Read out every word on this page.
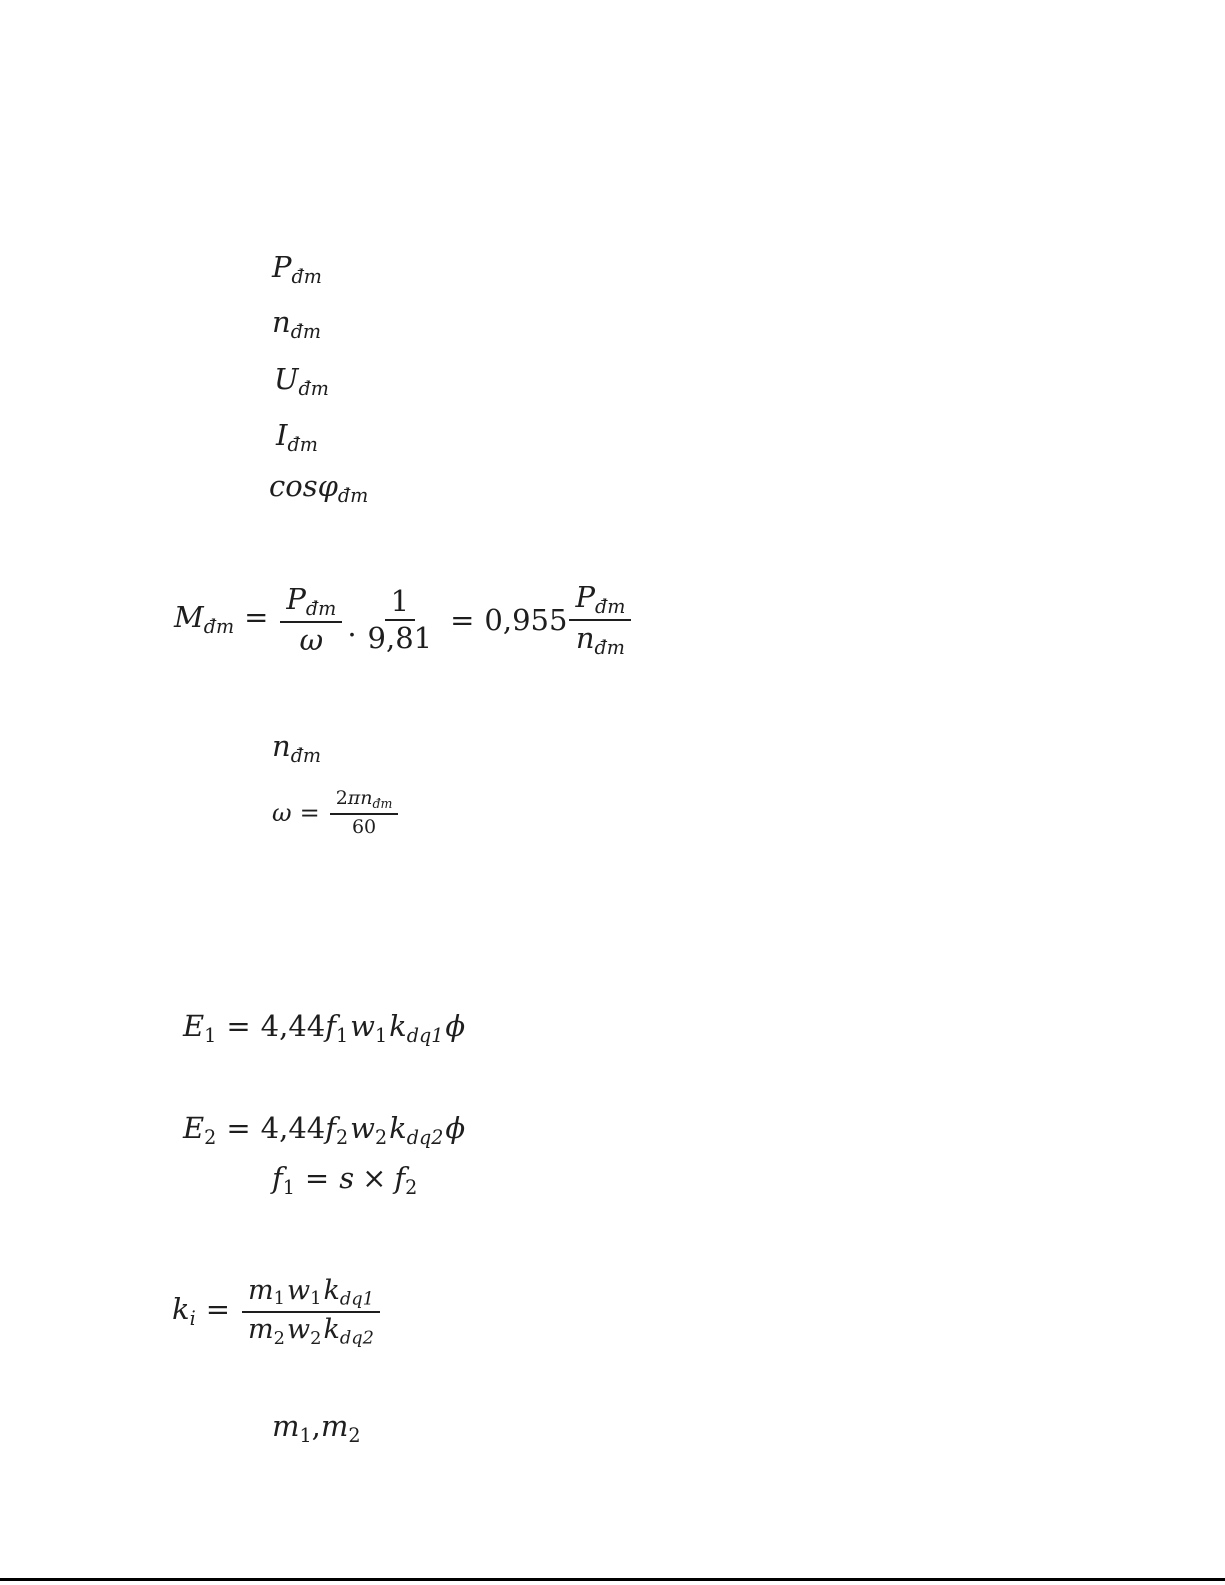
$P_{đm}$
$n_{đm}$
$U_{đm}$
$I_{đm}$
cosφ$_{đm}$
$M_{đm} = \frac{P_{đm}}{\omega}$ . $\frac{1}{9,81} = 0,955 \frac{P_{đm}}{n_{đm}}$
$n_{đm}$
$\omega = \frac{2\pi n_{đm}}{60}$
$E_1 = 4,44f_1w_1k_{dq1}\phi$
$E_2 = 4,44f_2w_2k_{dq2}\phi$
$f_1 = s \times f_2$
$k_i = \frac{m_1w_1k_{dq1}}{m_2w_2k_{dq2}}$
$m_1,m_2$
